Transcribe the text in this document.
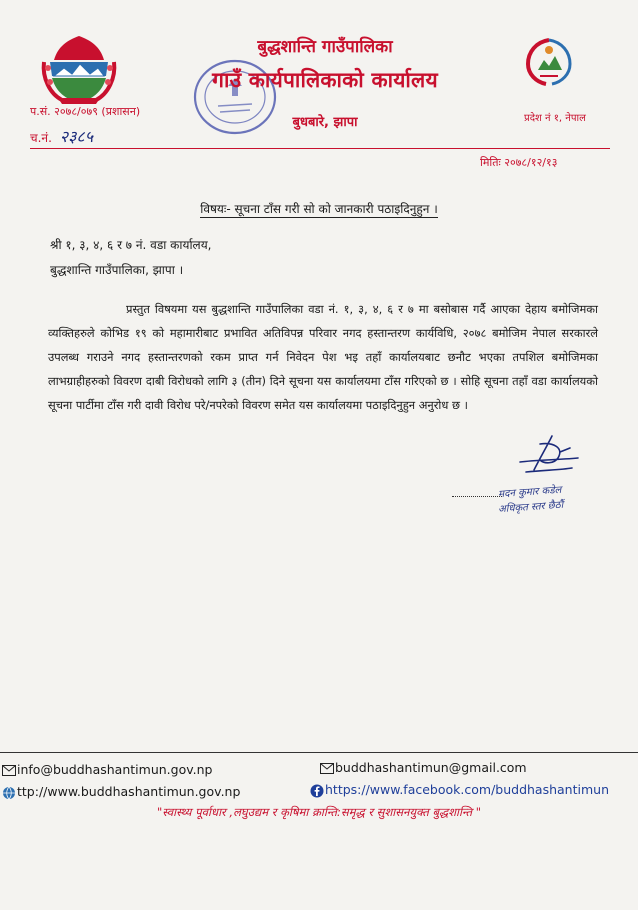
बुद्धशान्ति गाउँपालिका
गाउँ कार्यपालिकाको कार्यालय
बुधबारे, झापा
प.सं. २०७८/०७९ (प्रशासन)
च.नं. २३८५
प्रदेश नं १, नेपाल
मितिः २०७८/१२/१३
विषयः- सूचना टाँस गरी सो को जानकारी पठाइदिनुहुन ।
श्री १, ३, ४, ६ र ७ नं. वडा कार्यालय,
बुद्धशान्ति गाउँपालिका, झापा ।
प्रस्तुत विषयमा यस बुद्धशान्ति गाउँपालिका वडा नं. १, ३, ४, ६ र ७ मा बसोबास गर्दै आएका देहाय बमोजिमका व्यक्तिहरुले कोभिड १९ को महामारीबाट प्रभावित अतिविपन्न परिवार नगद हस्तान्तरण कार्यविधि, २०७८ बमोजिम नेपाल सरकारले उपलब्ध गराउने नगद हस्तान्तरणको रकम प्राप्त गर्न निवेदन पेश भइ तहाँ कार्यालयबाट छनौट भएका तपशिल बमोजिमका लाभग्राहीहरुको विवरण दाबी विरोधको लागि ३ (तीन) दिने सूचना यस कार्यालयमा टाँस गरिएको छ । सोहि सूचना तहाँ वडा कार्यालयको सूचना पार्टीमा टाँस गरी दावी विरोध परे/नपरेको विवरण समेत यस कार्यालयमा पठाइदिनुहुन अनुरोध छ ।
मदन कुमार कडेल
अधिकृत स्तर छैठौं
info@buddhashantimun.gov.np	buddhashantimun@gmail.com
ttp://www.buddhashantimun.gov.np	https://www.facebook.com/buddhashantimun
"स्वास्थ्य पूर्वाधार ,लघुउद्यम र कृषिमा क्रान्ति:समृद्ध र सुशासनयुक्त बुद्धशान्ति "
